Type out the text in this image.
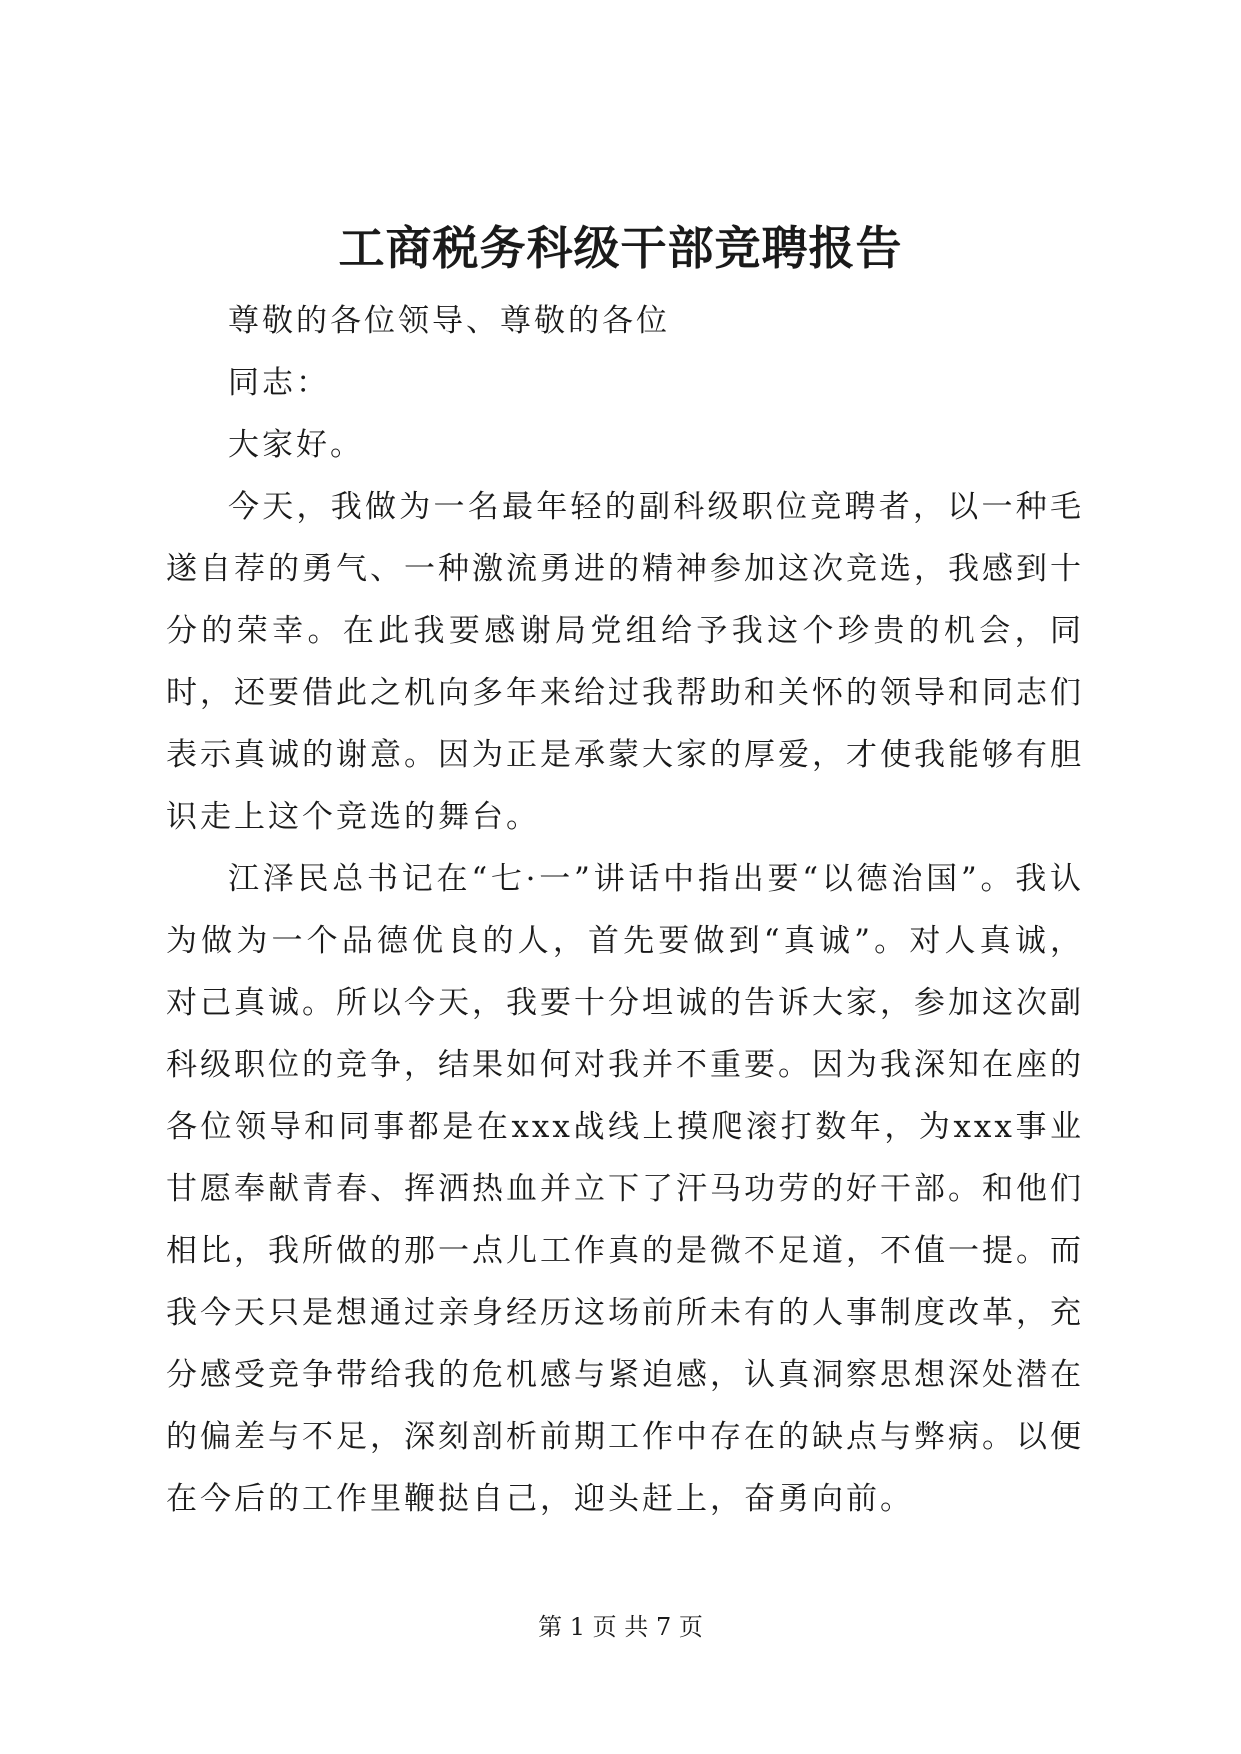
工商税务科级干部竞聘报告

尊敬的各位领导、尊敬的各位

同志：

大家好。

今天，我做为一名最年轻的副科级职位竞聘者，以一种毛遂自荐的勇气、一种激流勇进的精神参加这次竞选，我感到十分的荣幸。在此我要感谢局党组给予我这个珍贵的机会，同时，还要借此之机向多年来给过我帮助和关怀的领导和同志们表示真诚的谢意。因为正是承蒙大家的厚爱，才使我能够有胆识走上这个竞选的舞台。

江泽民总书记在“七·一”讲话中指出要“以德治国”。我认为做为一个品德优良的人，首先要做到“真诚”。对人真诚，对己真诚。所以今天，我要十分坦诚的告诉大家，参加这次副科级职位的竞争，结果如何对我并不重要。因为我深知在座的各位领导和同事都是在xxx战线上摸爬滚打数年，为xxx事业甘愿奉献青春、挥洒热血并立下了汗马功劳的好干部。和他们相比，我所做的那一点儿工作真的是微不足道，不值一提。而我今天只是想通过亲身经历这场前所未有的人事制度改革，充分感受竞争带给我的危机感与紧迫感，认真洞察思想深处潜在的偏差与不足，深刻剖析前期工作中存在的缺点与弊病。以便在今后的工作里鞭挞自己，迎头赶上，奋勇向前。

第 1 页 共 7 页
